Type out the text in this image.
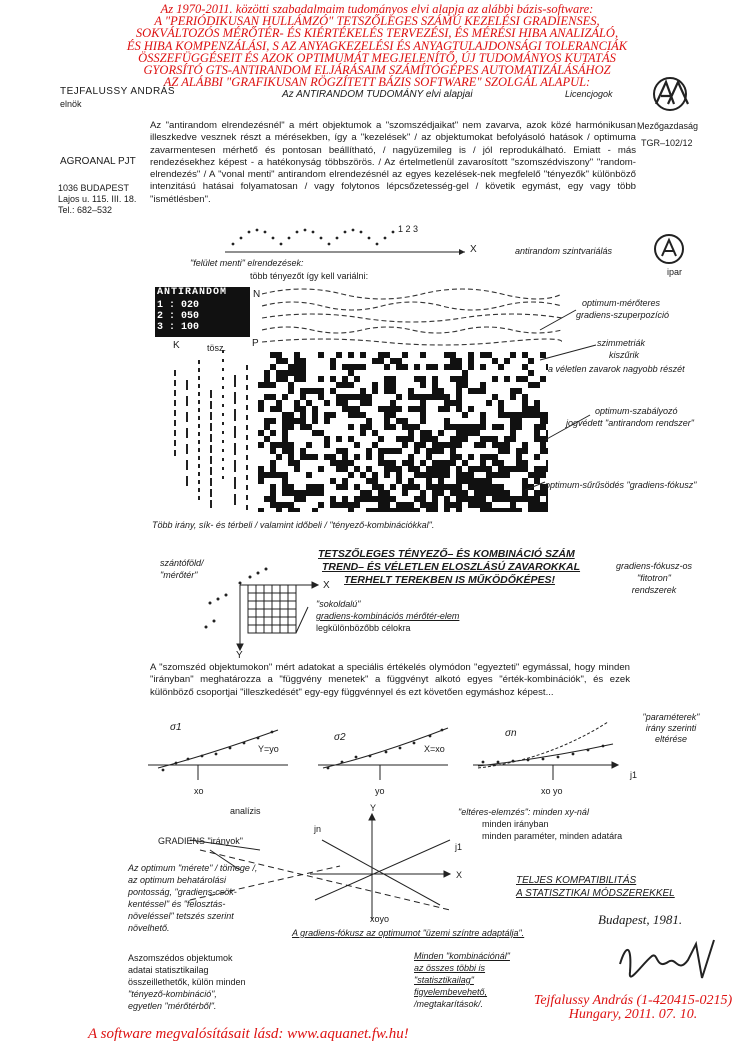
Az 1970-2011. közötti szabadalmaim tudományos elvi alapja az alábbi bázis-software:
A "PERIÓDIKUSAN HULLÁMZÓ" TETSZŐLEGES SZÁMÚ KEZELÉSI GRADIENSES,
SOKVÁLTOZÓS MÉRŐTÉR- ÉS KIÉRTÉKELÉS TERVEZÉSI, ÉS MÉRÉSI HIBA ANALIZÁLÓ,
ÉS HIBA KOMPENZÁLÁSI, S AZ ANYAGKEZELÉSI ÉS ANYAGTULAJDONSÁGI TOLERANCIÁK
ÖSSZEFÜGGÉSEIT ÉS AZOK OPTIMUMÁT MEGJELENÍTŐ, ÚJ TUDOMÁNYOS KUTATÁS
GYORSÍTÓ GTS-ANTIRANDOM ELJÁRÁSAIM SZÁMÍTÓGÉPES AUTOMATIZÁLÁSÁHOZ
AZ ALÁBBI "GRAFIKUSAN RÖGZÍTETT BÁZIS SOFTWARE" SZOLGÁL ALAPUL:
TEJFALUSSY ANDRÁS
elnök
Az ANTIRANDOM TUDOMÁNY elvi alapjai	Licencjogok
Mezőgazdaság
TGR–102/12
AGROANAL PJT
1036 BUDAPEST
Lajos u. 115. III. 18.
Tel.: 682–532
Az "antirandom elrendezésnél" a mért objektumok a "szomszédjaikat" nem zavarva, azok közé harmónikusan illeszkedve vesznek részt a mérésekben, így a "kezelések" / az objektumokat befolyásoló hatások / optimuma zavarmentesen mérhető és pontosan beállítható, / nagyüzemileg is / jól reprodukálható. Emiatt - más rendezésekhez képest - a hatékonyság többszörös. / Az értelmetlenül zavarosított "szomszédviszony" "random-elrendezés" / A "vonal menti" antirandom elrendezésnél az egyes kezelések-nek megfelelő "tényezők" különböző intenzitású hatásai folyamatosan / vagy folytonos lépcsőzetesség-gel / követik egymást, egy vagy több "ismétlésben".
1 2 3
X	antirandom szintvariálás
ipar
"felület menti" elrendezések:
több tényezőt így kell variálni:
ANTIRANDOM
1 : 020
2 : 050
3 : 100
N
K	tösz.	P
optimum-mérőteres
gradiens-szuperpozíció
szimmetriák
kiszűrik
a véletlen zavarok nagyobb részét
optimum-szabályozó
jogvédett "antirandom rendszer"
optimum-sűrűsödés "gradiens-fókusz"
Több irány, sík- és térbeli / valamint időbeli / "tényező-kombinációkkal".
szántóföld/
"mérőtér"
X
Y
"sokoldalú"
gradiens-kombinációs mérőtér-elem
legkülönbözőbb célokra
TETSZŐLEGES TÉNYEZŐ– ÉS KOMBINÁCIÓ SZÁM
TREND– ÉS VÉLETLEN ELOSZLÁSÚ ZAVAROKKAL
TERHELT TEREKBEN IS MŰKÖDŐKÉPES!
gradiens-fókusz-os
"fitotron"
rendszerek
A "szomszéd objektumokon" mért adatokat a speciális értékelés olymódon "egyezteti" egymással, hogy minden "irányban" meghatározza a "függvény menetek" a függvényt alkotó egyes "érték-kombinációk", és ezek különböző csoportjai "illeszkedését" egy-egy függvénnyel és ezt követően egymáshoz képest...
σ1
Y=yo
xo
σ2
X=xo
yo
σn
xo yo
j1
"paraméterek" irány szerinti eltérése
analízis	"eltéres-elemzés": minden xy-nál
minden irányban
minden paraméter, minden adatára
GRADIENS "irányok"
jn
j1
Y
X
xoyo
Az optimum "mérete" / tömege /,
az optimum behatárolási
pontosság, "gradiens-csök-
kentéssel" és "felosztás-
növeléssel" tetszés szerint
növelhető.
Aszomszédos objektumok
adatai statisztikailag
összeillethetők, külön minden
"tényező-kombináció",
egyetlen "mérőtérből".
TELJES KOMPATIBILITÁS
A STATISZTIKAI MÓDSZEREKKEL
A gradiens-fókusz az optimumot "üzemi színtre adaptálja".
Budapest, 1981.
Minden "kombinációnál"
az összes többi is
"statisztikailag"
figyelembevehető,
/megtakarítások/.	Tejfalussy András (1-420415-0215)
Hungary, 2011. 07. 10.
A software megvalósításait lásd: www.aquanet.fw.hu!
